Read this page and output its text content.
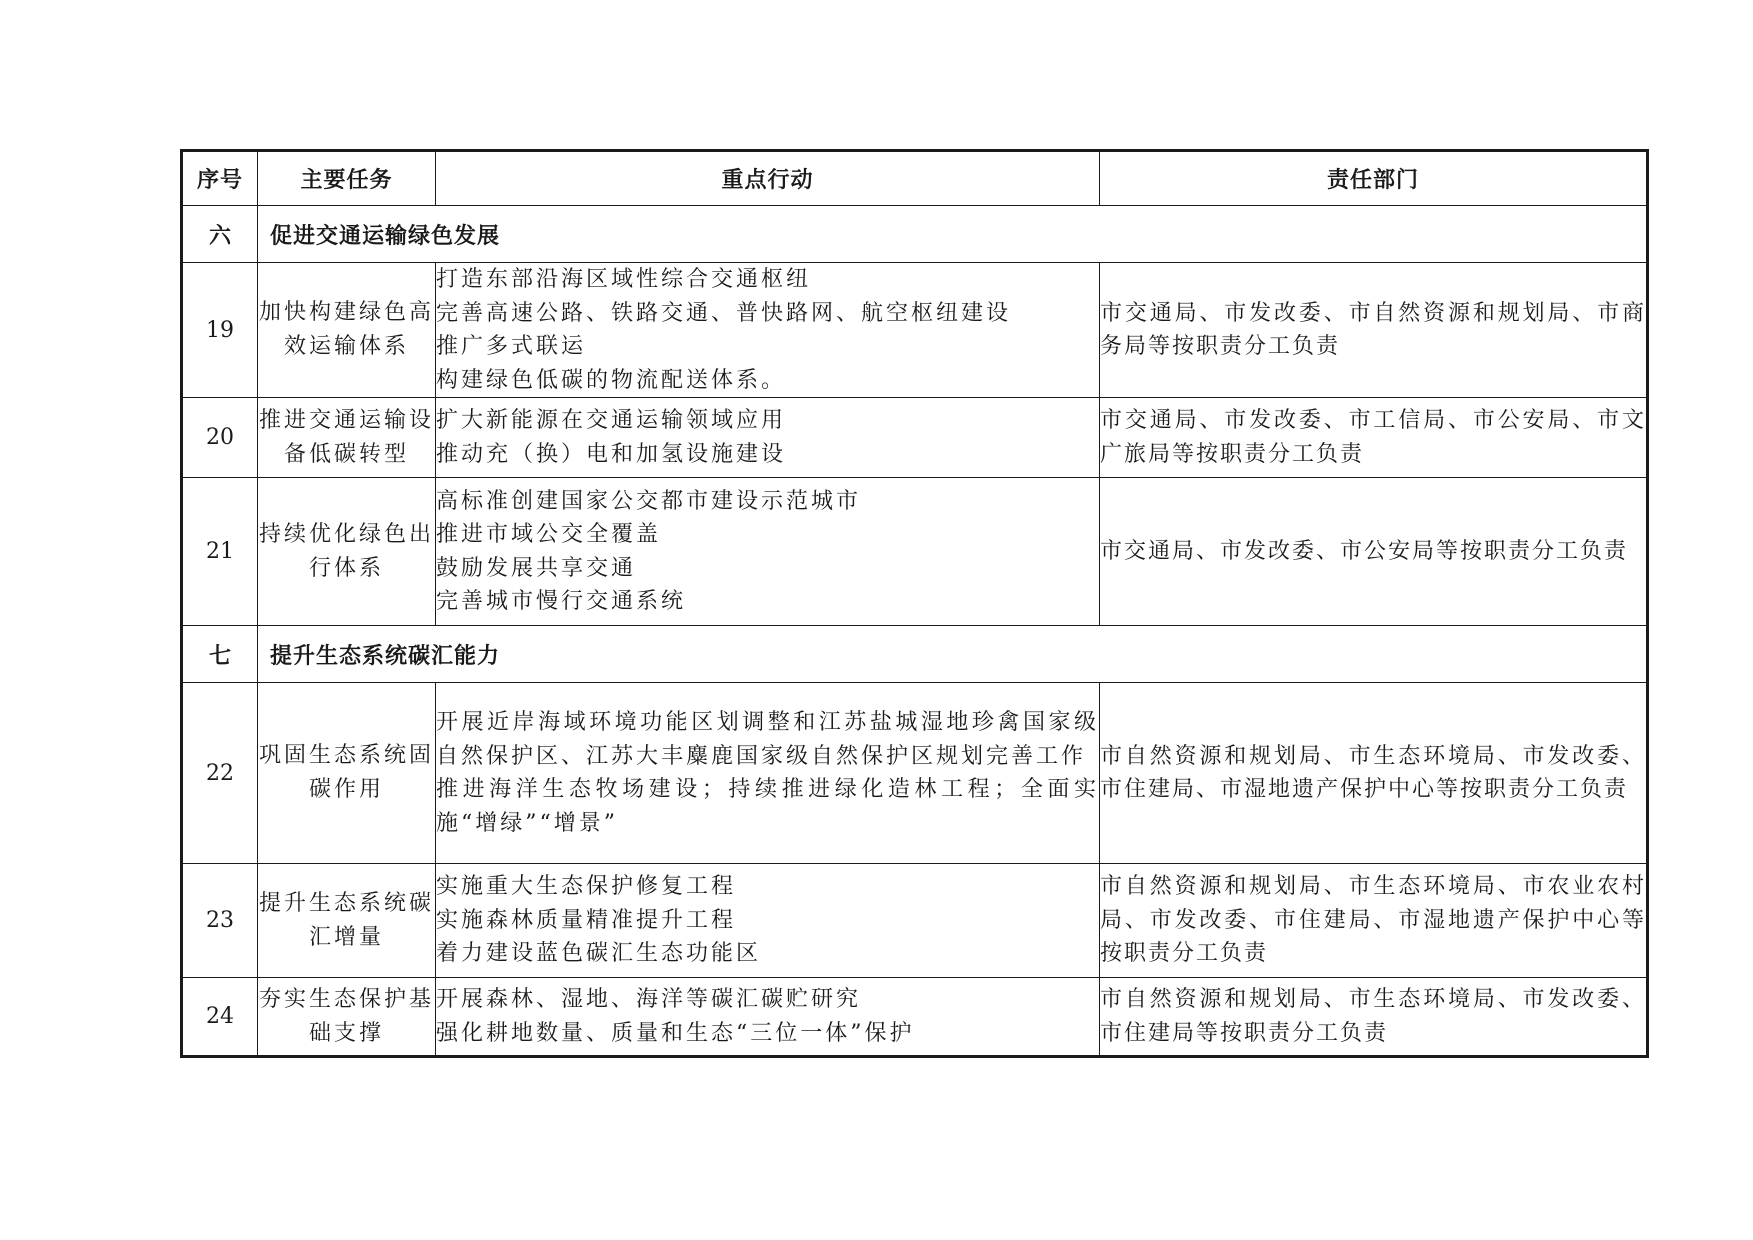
序号	主要任务	重点行动	责任部门
六	促进交通运输绿色发展		
19	加快构建绿色高效运输体系	打造东部沿海区域性综合交通枢纽
完善高速公路、铁路交通、普快路网、航空枢纽建设
推广多式联运
构建绿色低碳的物流配送体系。	市交通局、市发改委、市自然资源和规划局、市商务局等按职责分工负责
20	推进交通运输设备低碳转型	扩大新能源在交通运输领域应用
推动充（换）电和加氢设施建设	市交通局、市发改委、市工信局、市公安局、市文广旅局等按职责分工负责
21	持续优化绿色出行体系	高标准创建国家公交都市建设示范城市
推进市域公交全覆盖
鼓励发展共享交通
完善城市慢行交通系统	市交通局、市发改委、市公安局等按职责分工负责
七	提升生态系统碳汇能力		
22	巩固生态系统固碳作用	开展近岸海域环境功能区划调整和江苏盐城湿地珍禽国家级自然保护区、江苏大丰麋鹿国家级自然保护区规划完善工作
推进海洋生态牧场建设；持续推进绿化造林工程；全面实施“增绿”“增景”	市自然资源和规划局、市生态环境局、市发改委、市住建局、市湿地遗产保护中心等按职责分工负责
23	提升生态系统碳汇增量	实施重大生态保护修复工程
实施森林质量精准提升工程
着力建设蓝色碳汇生态功能区	市自然资源和规划局、市生态环境局、市农业农村局、市发改委、市住建局、市湿地遗产保护中心等按职责分工负责
24	夯实生态保护基础支撑	开展森林、湿地、海洋等碳汇碳贮研究
强化耕地数量、质量和生态“三位一体”保护	市自然资源和规划局、市生态环境局、市发改委、市住建局等按职责分工负责
